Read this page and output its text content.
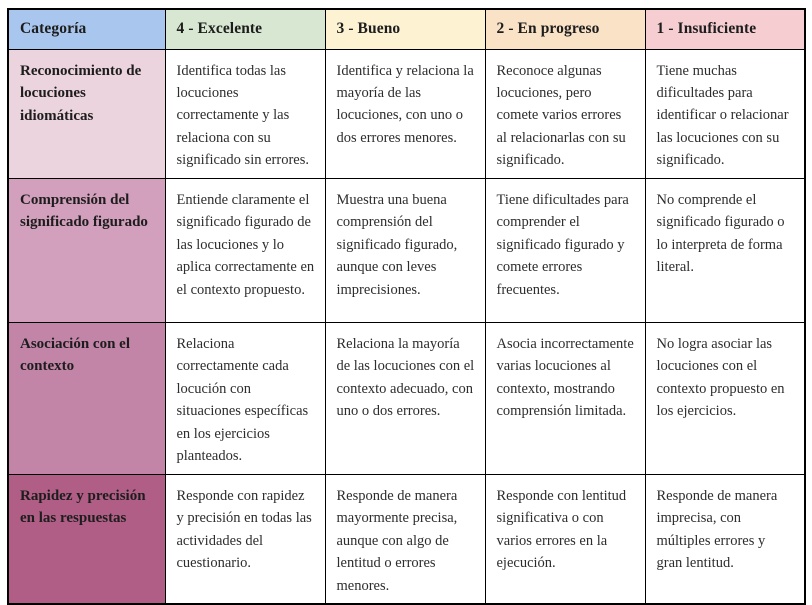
Categoría	4 - Excelente	3 - Bueno	2 - En progreso	1 - Insuficiente
Reconocimiento de locuciones idiomáticas	Identifica todas las locuciones correctamente y las relaciona con su significado sin errores.	Identifica y relaciona la mayoría de las locuciones, con uno o dos errores menores.	Reconoce algunas locuciones, pero comete varios errores al relacionarlas con su significado.	Tiene muchas dificultades para identificar o relacionar las locuciones con su significado.
Comprensión del significado figurado	Entiende claramente el significado figurado de las locuciones y lo aplica correctamente en el contexto propuesto.	Muestra una buena comprensión del significado figurado, aunque con leves imprecisiones.	Tiene dificultades para comprender el significado figurado y comete errores frecuentes.	No comprende el significado figurado o lo interpreta de forma literal.
Asociación con el contexto	Relaciona correctamente cada locución con situaciones específicas en los ejercicios planteados.	Relaciona la mayoría de las locuciones con el contexto adecuado, con uno o dos errores.	Asocia incorrectamente varias locuciones al contexto, mostrando comprensión limitada.	No logra asociar las locuciones con el contexto propuesto en los ejercicios.
Rapidez y precisión en las respuestas	Responde con rapidez y precisión en todas las actividades del cuestionario.	Responde de manera mayormente precisa, aunque con algo de lentitud o errores menores.	Responde con lentitud significativa o con varios errores en la ejecución.	Responde de manera imprecisa, con múltiples errores y gran lentitud.
